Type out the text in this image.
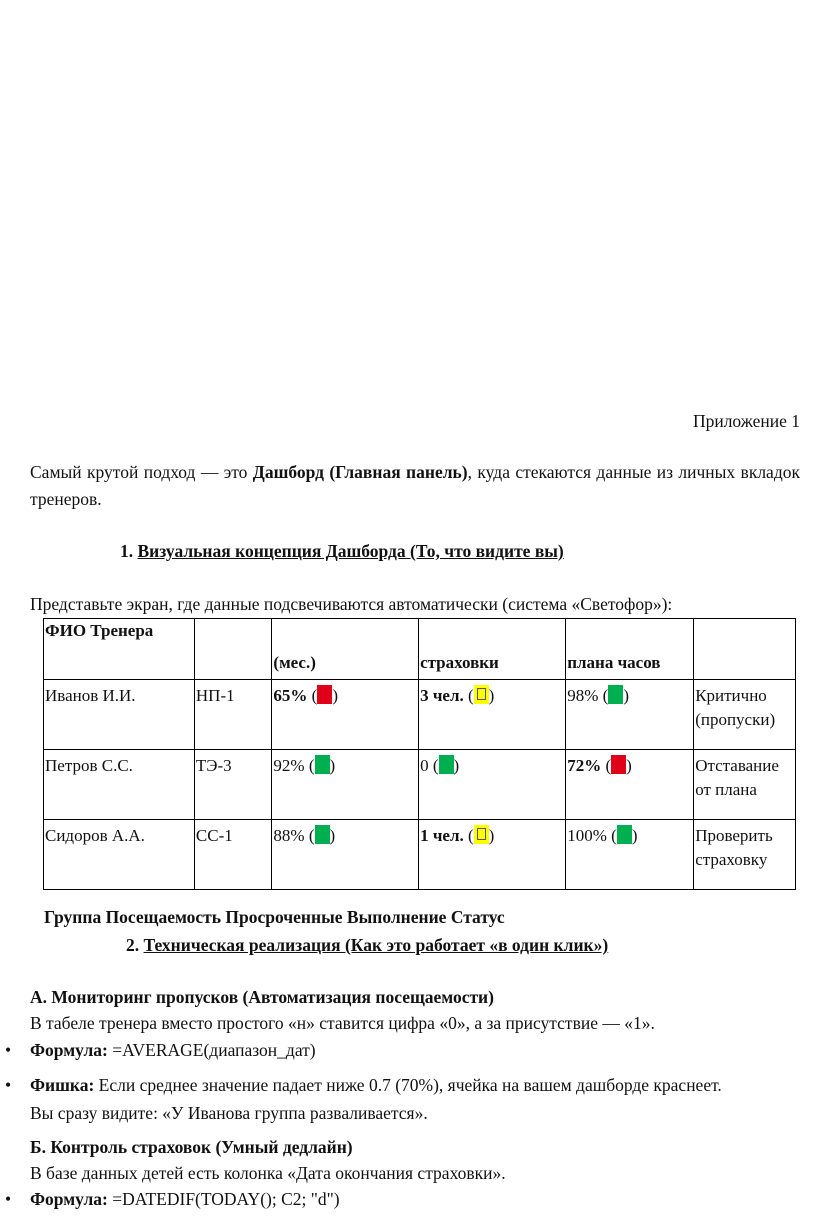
Приложение 1
Самый крутой подход — это Дашборд (Главная панель), куда стекаются данные из личных вкладок тренеров.
1. Визуальная концепция Дашборда (То, что видите вы)
Представьте экран, где данные подсвечиваются автоматически (система «Светофор»):
ФИО Тренера		(мес.)	страховки	плана часов	

Иванов И.И.	НП-1	65% ( )	3 чел. ( )	98% ( )	Критично (пропуски)
Петров С.С.	ТЭ-3	92% ( )	0 ( )	72% ( )	Отставание от плана
Сидоров А.А.	СС-1	88% ( )	1 чел. ( )	100% ( )	Проверить страховку
Группа Посещаемость Просроченные Выполнение Статус
2. Техническая реализация (Как это работает «в один клик»)
А. Мониторинг пропусков (Автоматизация посещаемости)
В табеле тренера вместо простого «н» ставится цифра «0», а за присутствие — «1».
• Формула: =AVERAGE(диапазон_дат)
• Фишка: Если среднее значение падает ниже 0.7 (70%), ячейка на вашем дашборде краснеет.
Вы сразу видите: «У Иванова группа разваливается».
Б. Контроль страховок (Умный дедлайн)
В базе данных детей есть колонка «Дата окончания страховки».
• Формула: =DATEDIF(TODAY(); C2; "d")
